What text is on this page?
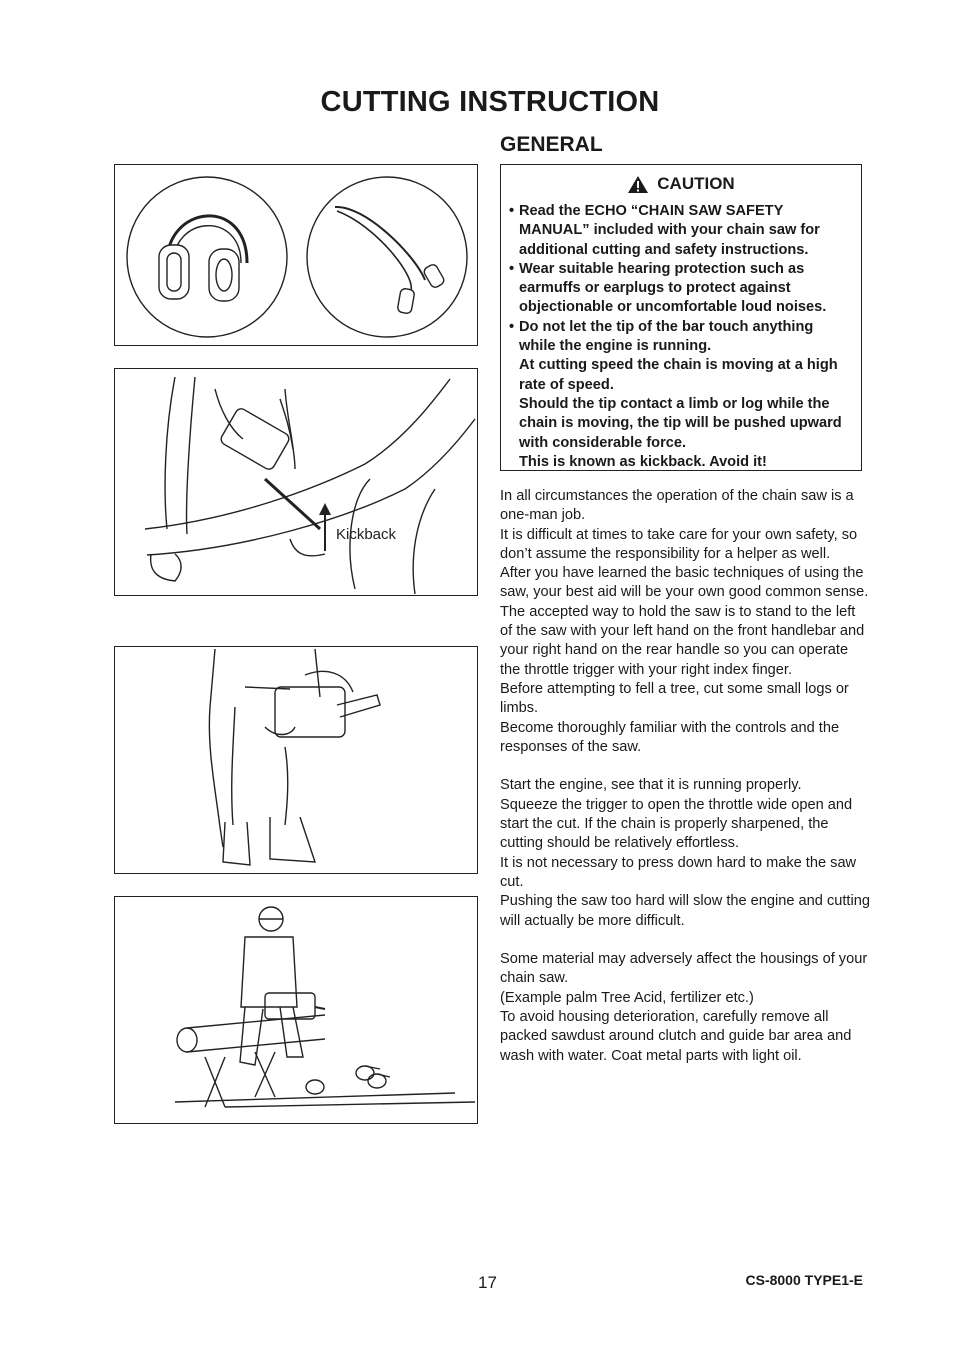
CUTTING INSTRUCTION
GENERAL
Kickback
CAUTION
• Read the ECHO “CHAIN SAW SAFETY MANUAL” included with your chain saw for additional cutting and safety instructions.
• Wear suitable hearing protection such as earmuffs or earplugs to protect against objectionable or uncomfortable loud noises.
• Do not let the tip of the bar touch anything while the engine is running.
At cutting speed the chain is moving at a high rate of speed.
Should the tip contact a limb or log while the chain is moving, the tip will be pushed upward with considerable force.
This is known as kickback. Avoid it!

In all circumstances the operation of the chain saw is a one-man job.

It is difficult at times to take care for your own safety, so don’t assume the responsibility for a helper as well.

After you have learned the basic techniques of using the saw, your best aid will be your own good common sense.

The accepted way to hold the saw is to stand to the left of the saw with your left hand on the front handlebar and your right hand on the rear handle so you can operate the throttle trigger with your right index finger.

Before attempting to fell a tree, cut some small logs or limbs.

Become thoroughly familiar with the controls and the responses of the saw.

Start the engine, see that it is running properly.

Squeeze the trigger to open the throttle wide open and start the cut. If the chain is properly sharpened, the cutting should be relatively effortless.

It is not necessary to press down hard to make the saw cut.

Pushing the saw too hard will slow the engine and cutting will actually be more difficult.

Some material may adversely affect the housings of your chain saw.

(Example palm Tree Acid, fertilizer etc.)

To avoid housing deterioration, carefully remove all packed sawdust around clutch and guide bar area and wash with water. Coat metal parts with light oil.

17	CS-8000 TYPE1-E
